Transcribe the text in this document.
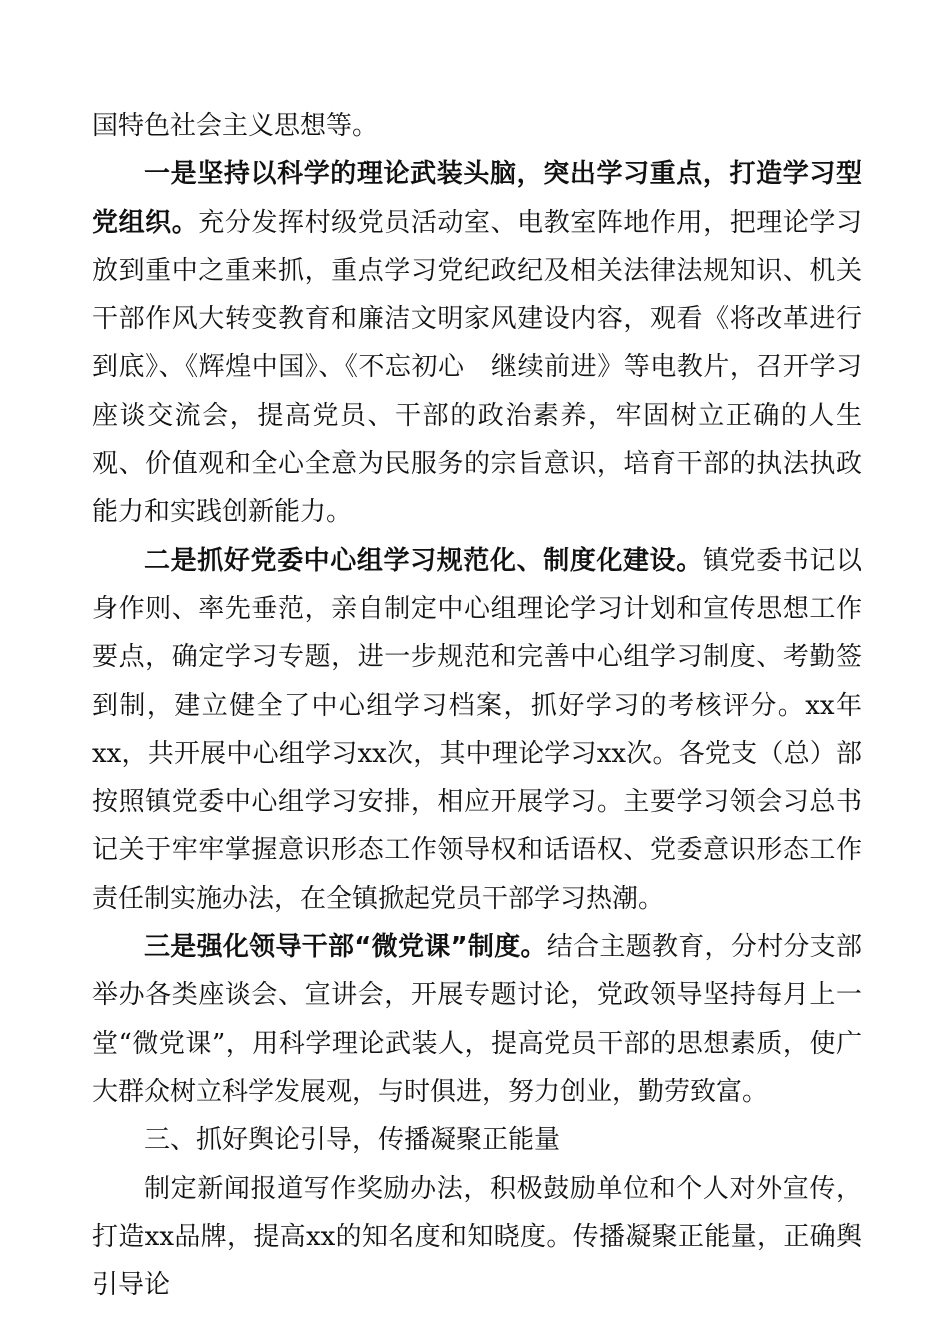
国特色社会主义思想等。

一是坚持以科学的理论武装头脑，突出学习重点，打造学习型党组织。充分发挥村级党员活动室、电教室阵地作用，把理论学习放到重中之重来抓，重点学习党纪政纪及相关法律法规知识、机关干部作风大转变教育和廉洁文明家风建设内容，观看《将改革进行到底》、《辉煌中国》、《不忘初心　继续前进》等电教片，召开学习座谈交流会，提高党员、干部的政治素养，牢固树立正确的人生观、价值观和全心全意为民服务的宗旨意识，培育干部的执法执政能力和实践创新能力。

二是抓好党委中心组学习规范化、制度化建设。镇党委书记以身作则、率先垂范，亲自制定中心组理论学习计划和宣传思想工作要点，确定学习专题，进一步规范和完善中心组学习制度、考勤签到制，建立健全了中心组学习档案，抓好学习的考核评分。xx年xx，共开展中心组学习xx次，其中理论学习xx次。各党支（总）部按照镇党委中心组学习安排，相应开展学习。主要学习领会习总书记关于牢牢掌握意识形态工作领导权和话语权、党委意识形态工作责任制实施办法，在全镇掀起党员干部学习热潮。

三是强化领导干部“微党课”制度。结合主题教育，分村分支部举办各类座谈会、宣讲会，开展专题讨论，党政领导坚持每月上一堂“微党课”，用科学理论武装人，提高党员干部的思想素质，使广大群众树立科学发展观，与时俱进，努力创业，勤劳致富。

三、抓好舆论引导，传播凝聚正能量

制定新闻报道写作奖励办法，积极鼓励单位和个人对外宣传，打造xx品牌，提高xx的知名度和知晓度。传播凝聚正能量，正确舆引导论
